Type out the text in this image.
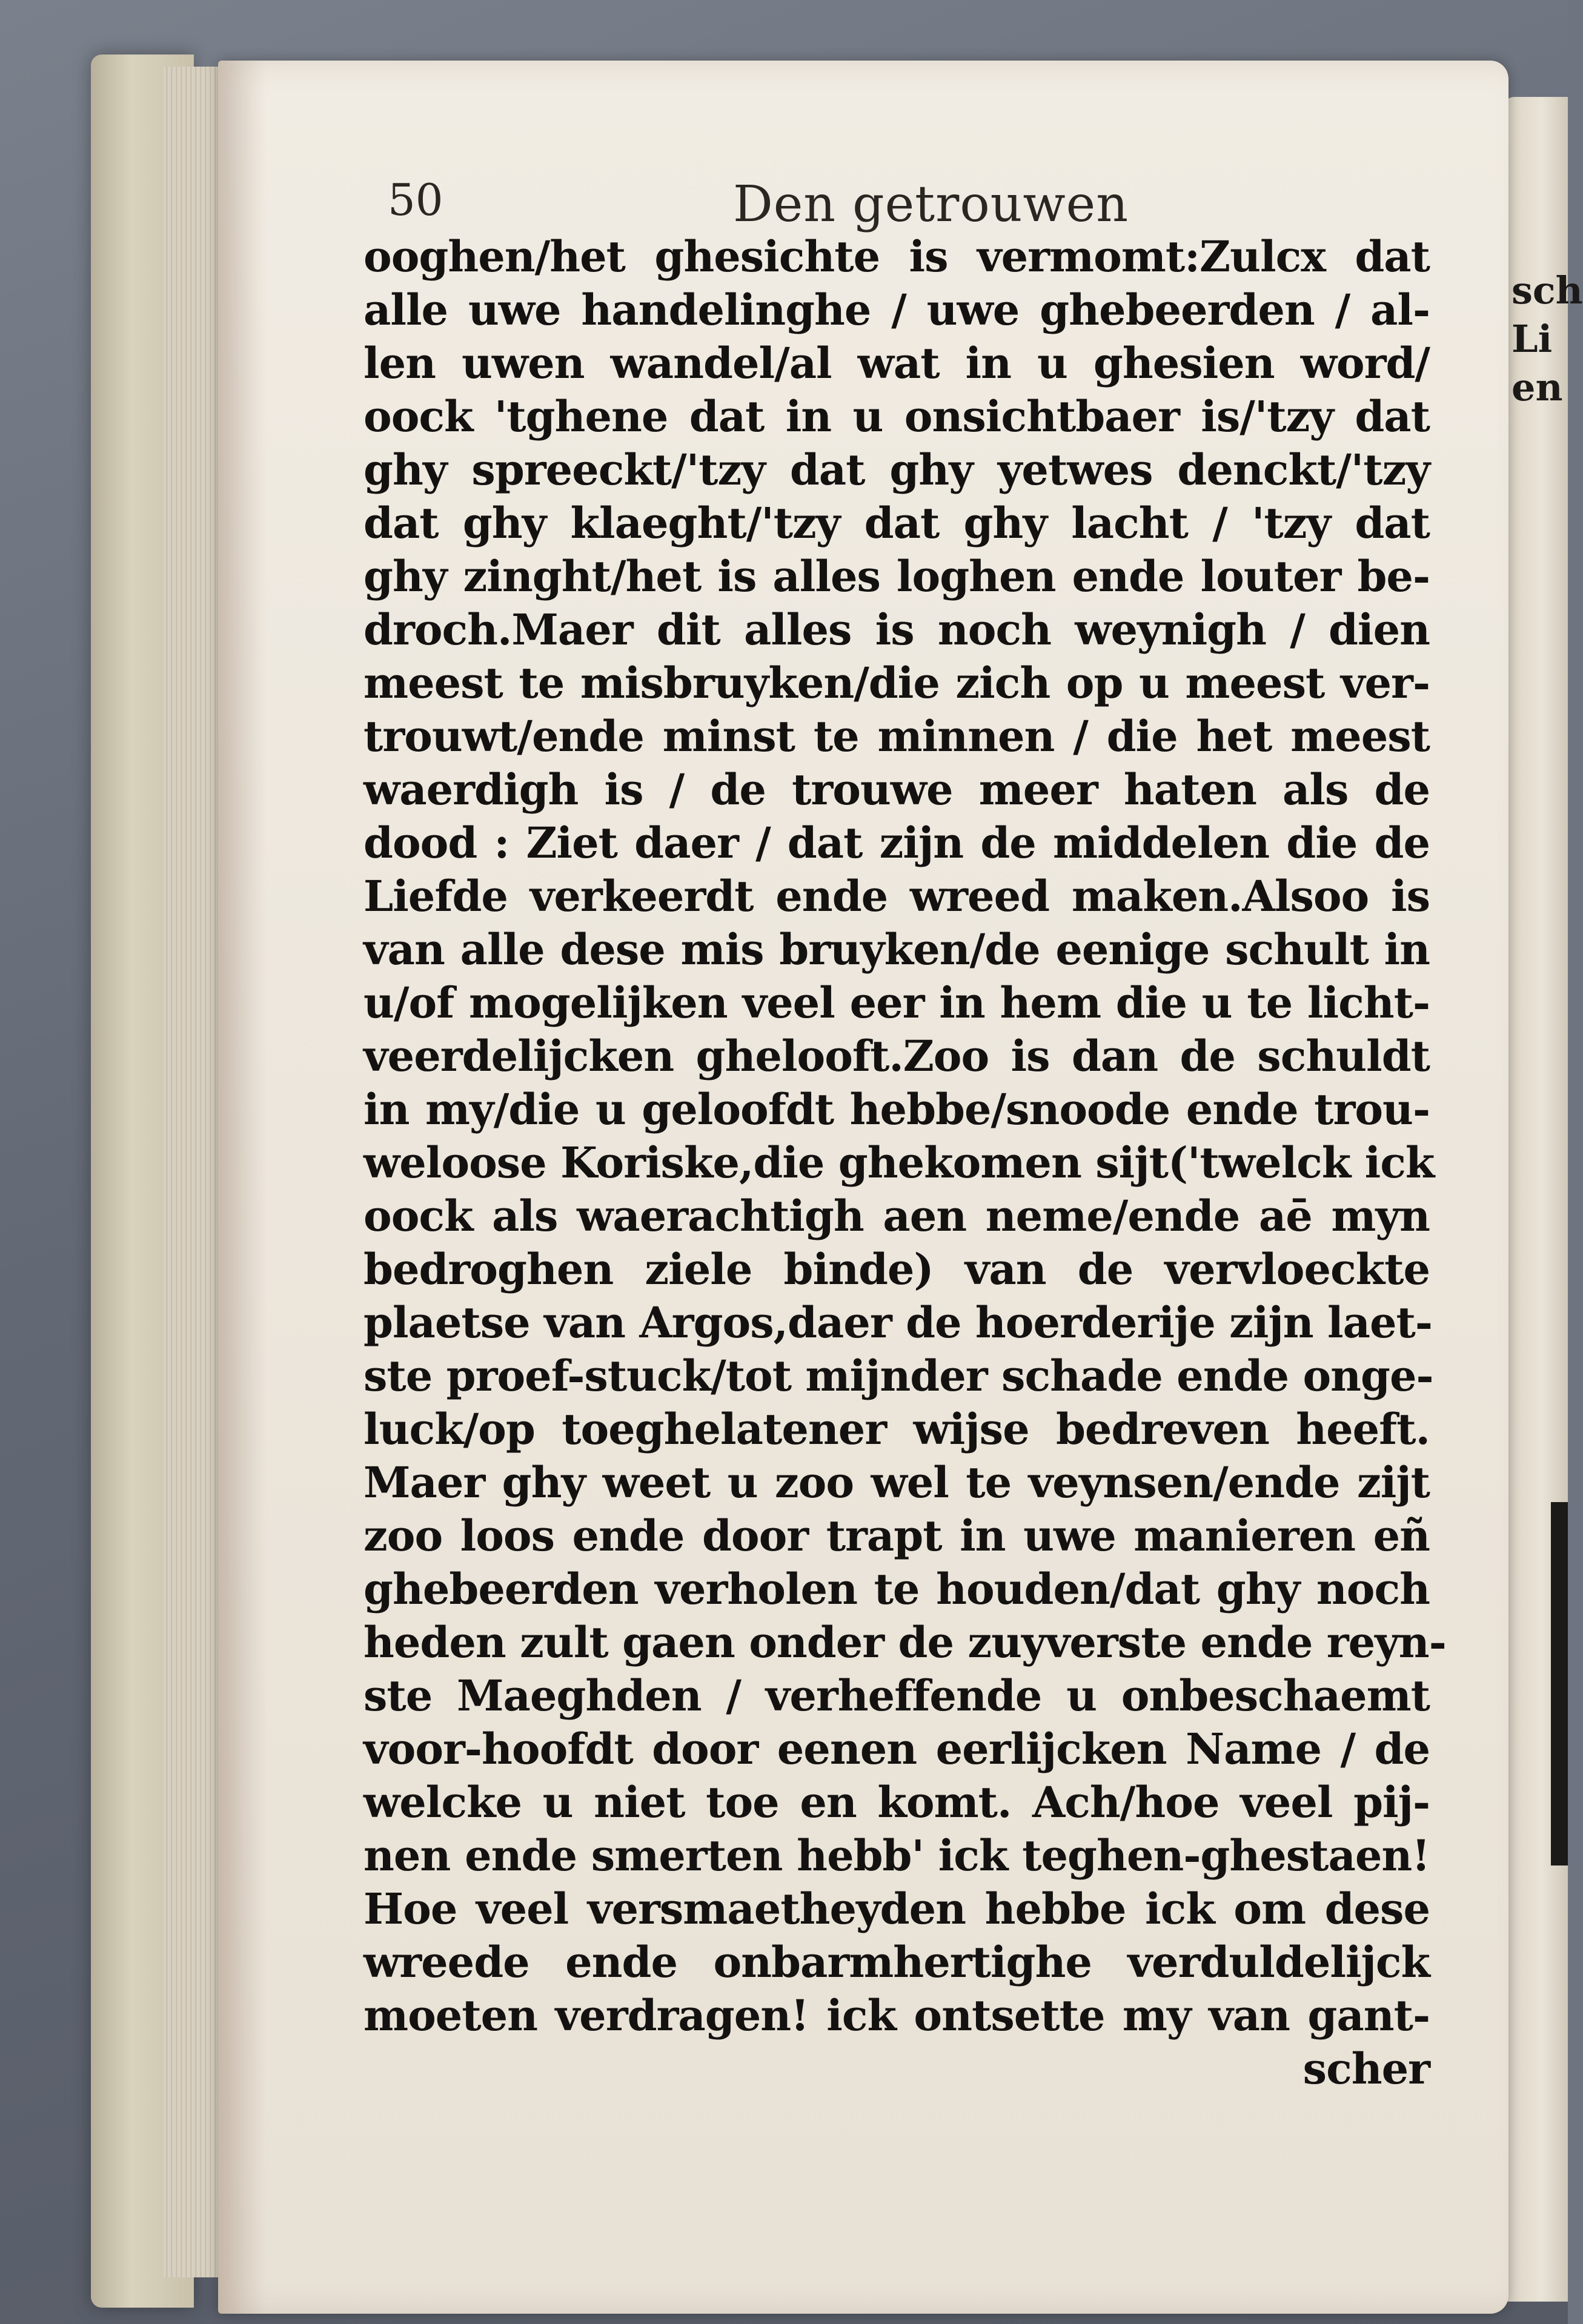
sch
Li
en
50	Den getrouwen
ooghen/het ghesichte is vermomt:Zulcx dat
alle uwe handelinghe / uwe ghebeerden / al-
len uwen wandel/al wat in u ghesien word/
oock 'tghene dat in u onsichtbaer is/'tzy dat
ghy spreeckt/'tzy dat ghy yetwes denckt/'tzy
dat ghy klaeght/'tzy dat ghy lacht / 'tzy dat
ghy zinght/het is alles loghen ende louter be-
droch.Maer dit alles is noch weynigh / dien
meest te misbruyken/die zich op u meest ver-
trouwt/ende minst te minnen / die het meest
waerdigh is / de trouwe meer haten als de
dood : Ziet daer / dat zijn de middelen die de
Liefde verkeerdt ende wreed maken.Alsoo is
van alle dese mis bruyken/de eenige schult in
u/of mogelijken veel eer in hem die u te licht-
veerdelijcken ghelooft.Zoo is dan de schuldt
in my/die u geloofdt hebbe/snoode ende trou-
weloose Koriske,die ghekomen sijt('twelck ick
oock als waerachtigh aen neme/ende aē myn
bedroghen ziele binde) van de vervloeckte
plaetse van Argos,daer de hoerderije zijn laet-
ste proef-stuck/tot mijnder schade ende onge-
luck/op toeghelatener wijse bedreven heeft.
Maer ghy weet u zoo wel te veynsen/ende zijt
zoo loos ende door trapt in uwe manieren eñ
ghebeerden verholen te houden/dat ghy noch
heden zult gaen onder de zuyverste ende reyn-
ste Maeghden / verheffende u onbeschaemt
voor-hoofdt door eenen eerlijcken Name / de
welcke u niet toe en komt. Ach/hoe veel pij-
nen ende smerten hebb' ick teghen-ghestaen!
Hoe veel versmaetheyden hebbe ick om dese
wreede ende onbarmhertighe verduldelijck
moeten verdragen! ick ontsette my van gant-
scher
